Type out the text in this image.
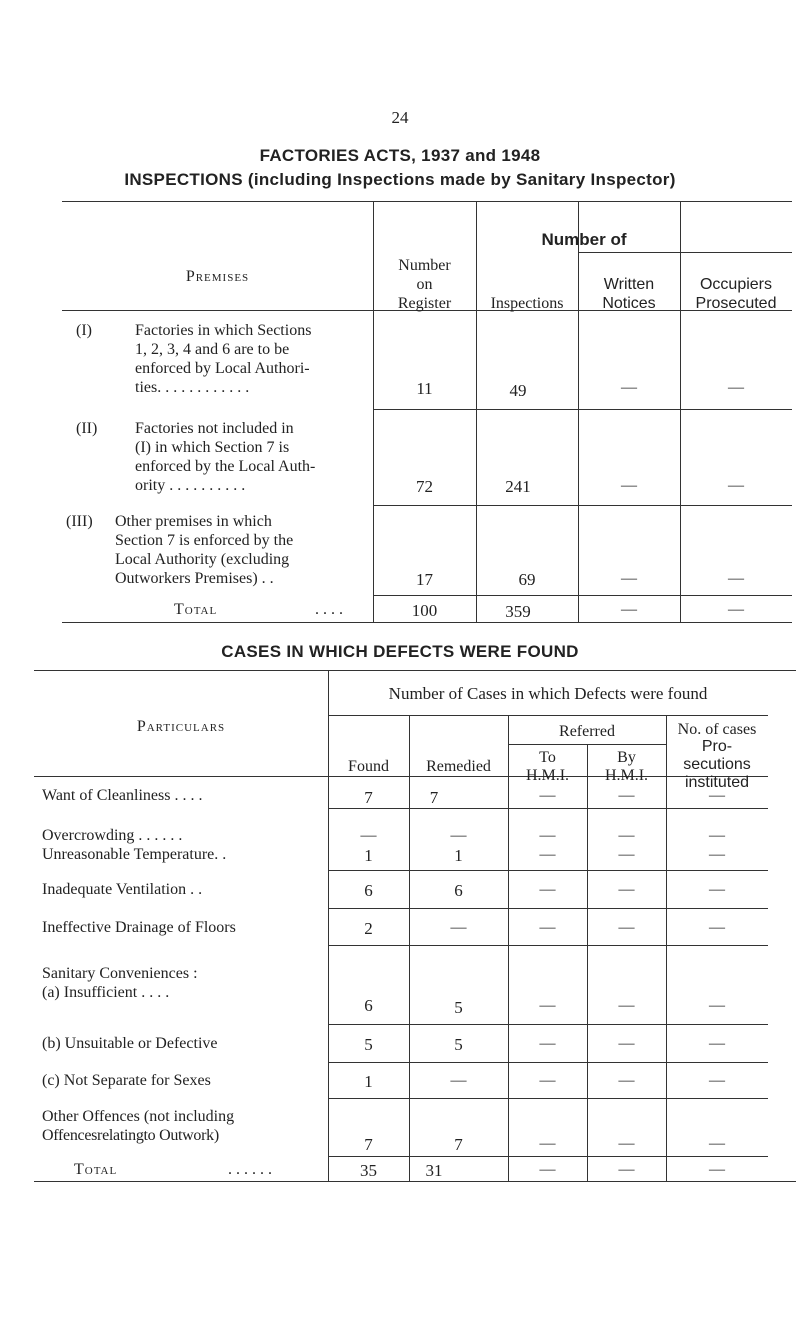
24
FACTORIES ACTS, 1937 and 1948
INSPECTIONS (including Inspections made by Sanitary Inspector)
Premises
Number
on
Register
Number of
Inspections
Written
Notices
Occupiers
Prosecuted
(I)	Factories in which Sections
1, 2, 3, 4 and 6 are to be
enforced by Local Authori-
ties. . . . . . . . . . . .	11	49	—	—
(II) Factories not included in
(I) in which Section 7 is
enforced by the Local Auth-
ority . . . . . . . . . .	72	241	—	—
(III) Other premises in which
Section 7 is enforced by the
Local Authority (excluding
Outworkers Premises) . .	17	69	—	—
Total	. . . .	100	359	—	—
CASES IN WHICH DEFECTS WERE FOUND
Particulars
Number of Cases in which Defects were found
Found	Remedied
Referred
To
H.M.I.
By
H.M.I.
No. of cases
Pro-
secutions
instituted
Want of Cleanliness . . . .	7	7	—	—	—
Overcrowding . . . . . .	—	—	—	—	—
Unreasonable Temperature. .	1	1	—	—	—
Inadequate Ventilation . .	6	6	—	—	—
Ineffective Drainage of Floors	2	—	—	—	—
Sanitary Conveniences :
(a) Insufficient . . . .
6	5	—	—	—
(b) Unsuitable or Defective	5	5	—	—	—
(c) Not Separate for Sexes	1	—	—	—	—
Other Offences (not including
Offencesrelatingto Outwork)	7	7	—	—	—
Total	. . . . . .	35	31	—	—	—
